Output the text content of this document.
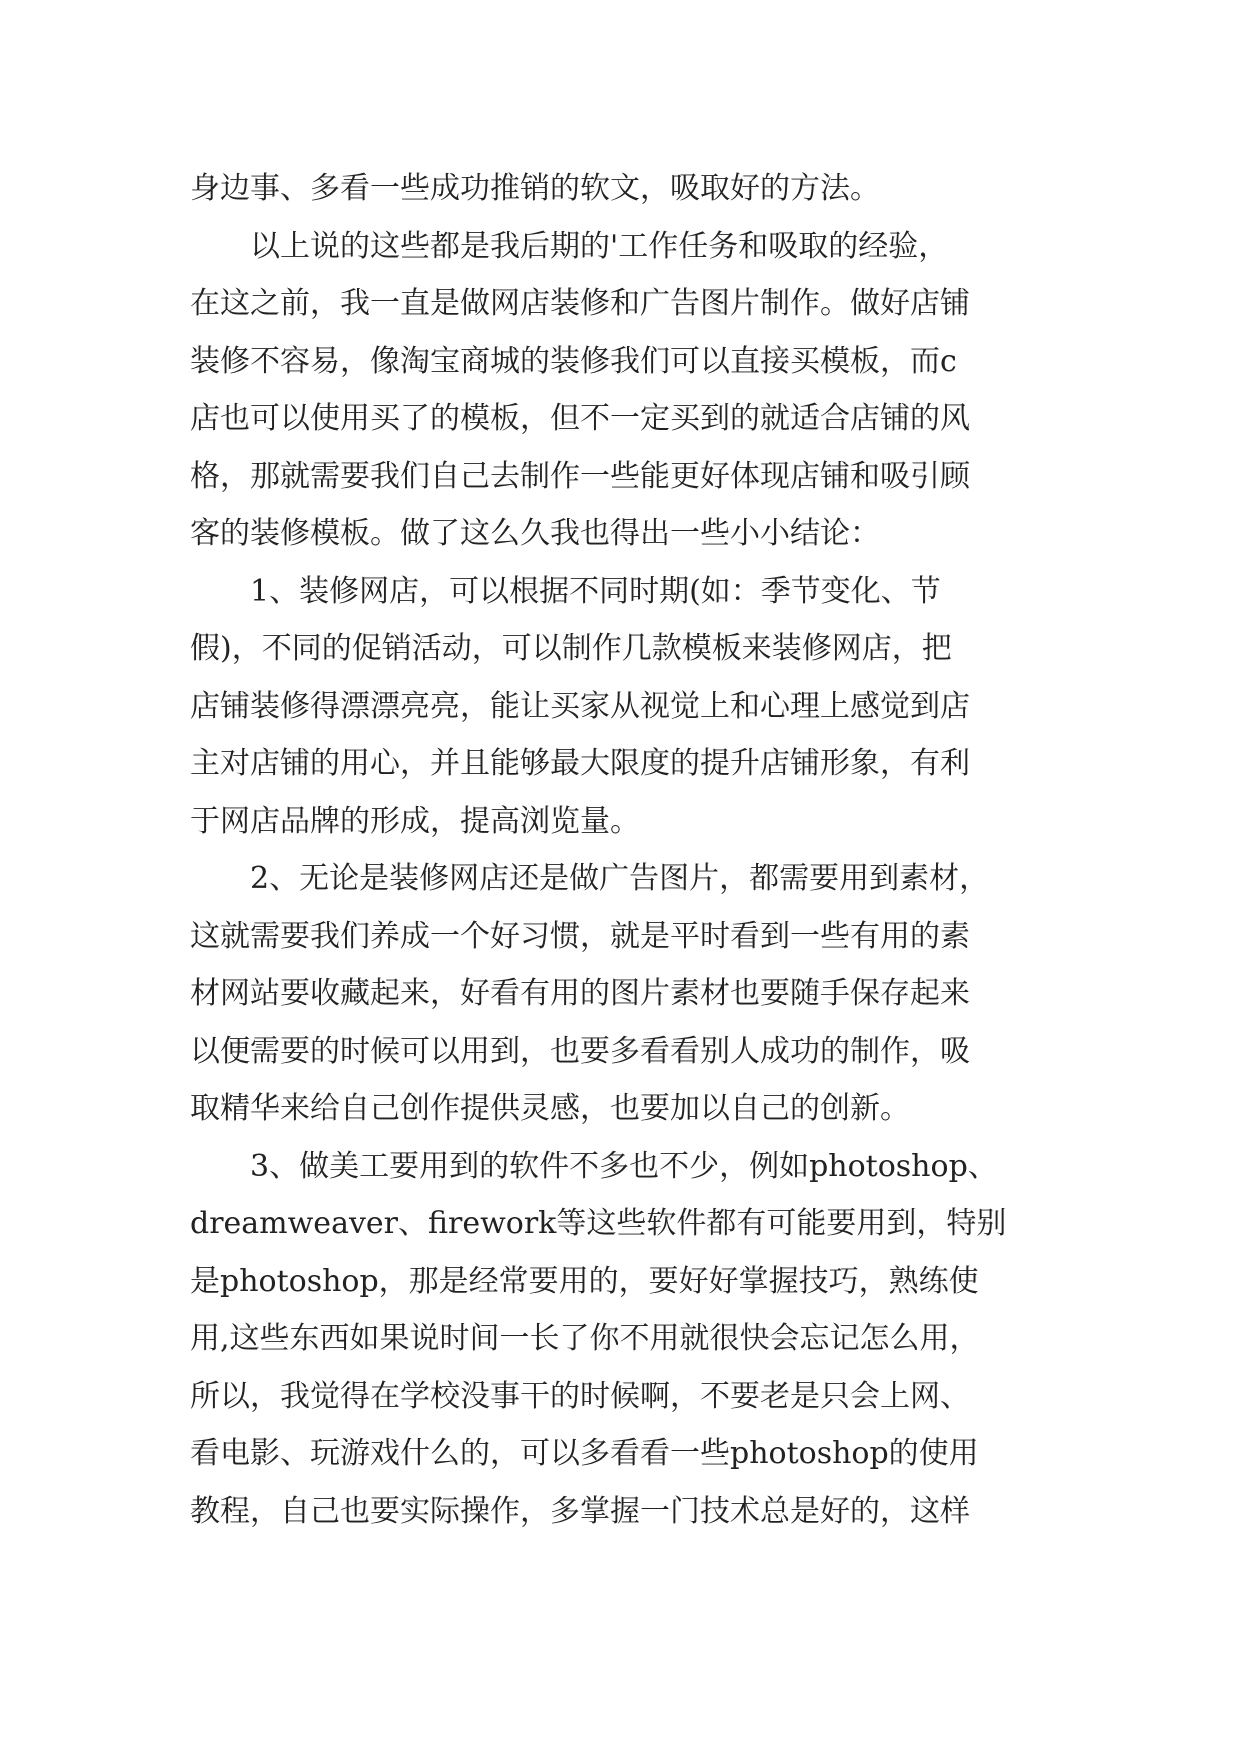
身边事、多看一些成功推销的软文，吸取好的方法。
以上说的这些都是我后期的'工作任务和吸取的经验，
在这之前，我一直是做网店装修和广告图片制作。做好店铺
装修不容易，像淘宝商城的装修我们可以直接买模板，而c
店也可以使用买了的模板，但不一定买到的就适合店铺的风
格，那就需要我们自己去制作一些能更好体现店铺和吸引顾
客的装修模板。做了这么久我也得出一些小小结论：
1、装修网店，可以根据不同时期(如：季节变化、节
假)，不同的促销活动，可以制作几款模板来装修网店，把
店铺装修得漂漂亮亮，能让买家从视觉上和心理上感觉到店
主对店铺的用心，并且能够最大限度的提升店铺形象，有利
于网店品牌的形成，提高浏览量。
2、无论是装修网店还是做广告图片，都需要用到素材，
这就需要我们养成一个好习惯，就是平时看到一些有用的素
材网站要收藏起来，好看有用的图片素材也要随手保存起来
以便需要的时候可以用到，也要多看看别人成功的制作，吸
取精华来给自己创作提供灵感，也要加以自己的创新。
3、做美工要用到的软件不多也不少，例如photoshop、
dreamweaver、firework等这些软件都有可能要用到，特别
是photoshop，那是经常要用的，要好好掌握技巧，熟练使
用,这些东西如果说时间一长了你不用就很快会忘记怎么用，
所以，我觉得在学校没事干的时候啊，不要老是只会上网、
看电影、玩游戏什么的，可以多看看一些photoshop的使用
教程，自己也要实际操作，多掌握一门技术总是好的，这样
